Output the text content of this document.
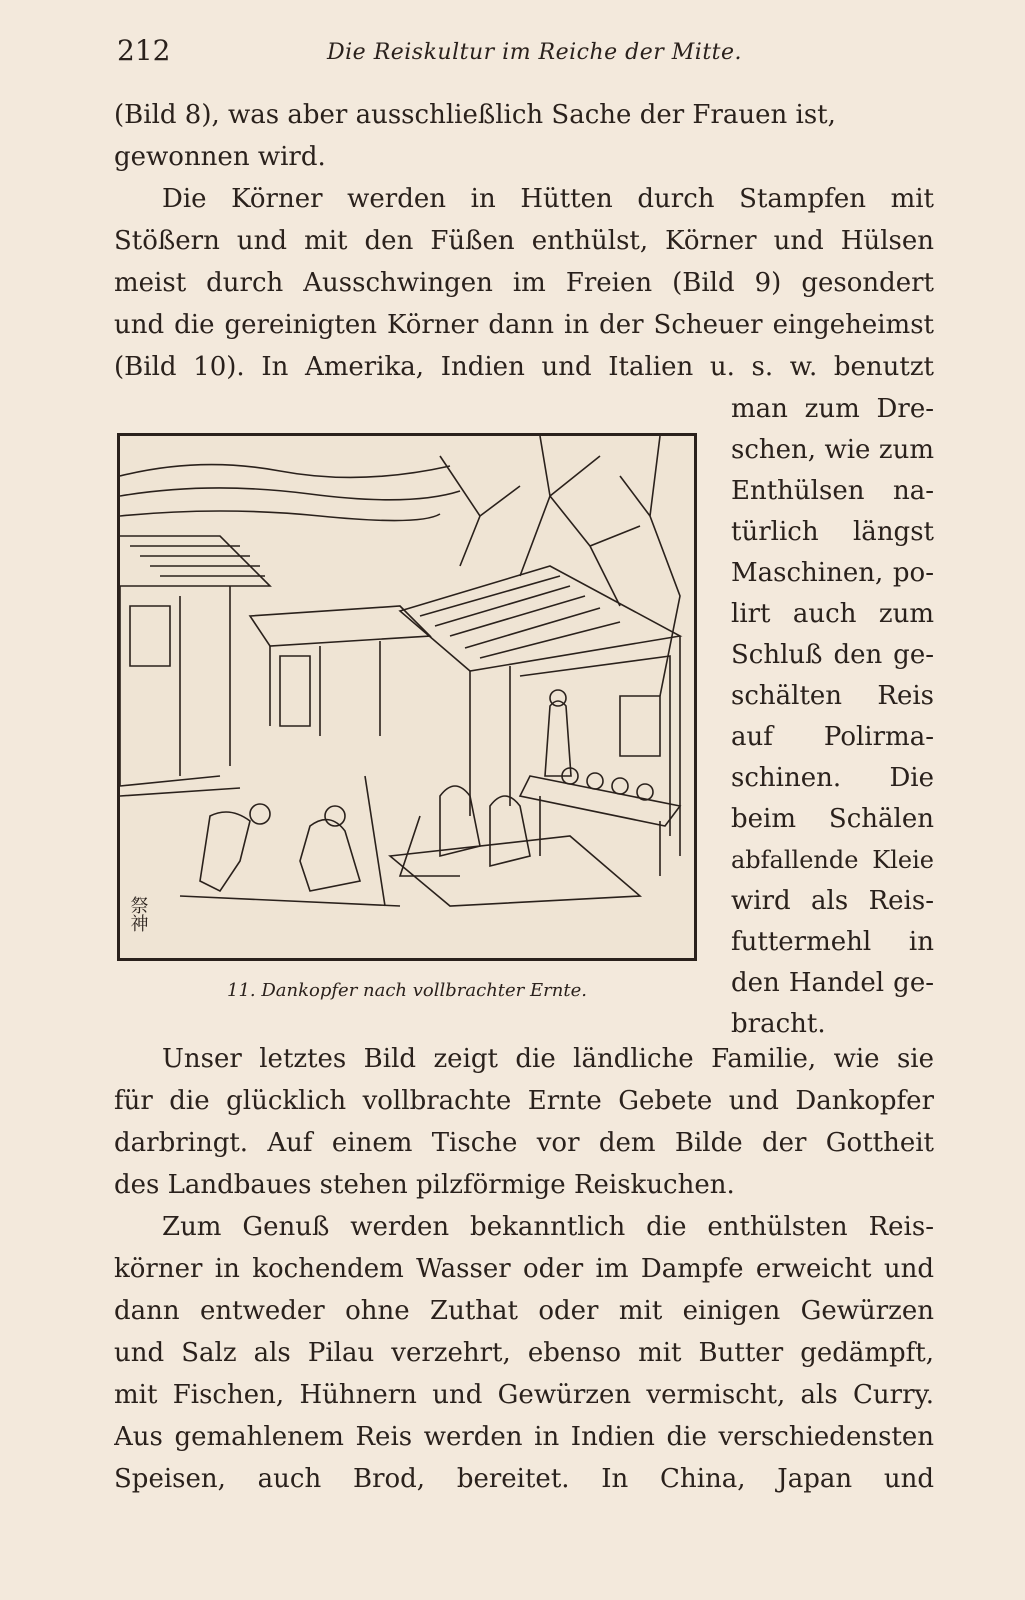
212	Die Reiskultur im Reiche der Mitte.
(Bild 8), was aber ausschließlich Sache der Frauen ist,
gewonnen wird.
Die Körner werden in Hütten durch Stampfen mit
Stößern und mit den Füßen enthülst, Körner und Hülsen
meist durch Ausschwingen im Freien (Bild 9) gesondert
und die gereinigten Körner dann in der Scheuer eingeheimst
(Bild 10). In Amerika, Indien und Italien u. s. w. benutzt
man zum Dre-
schen, wie zum
Enthülsen na-
türlich längst
Maschinen, po-
lirt auch zum
Schluß den ge-
schälten Reis
auf Polirma-
schinen. Die
beim Schälen
abfallende Kleie
wird als Reis-
futtermehl in
den Handel ge-
bracht.
祭神
11. Dankopfer nach vollbrachter Ernte.
Unser letztes Bild zeigt die ländliche Familie, wie sie
für die glücklich vollbrachte Ernte Gebete und Dankopfer
darbringt. Auf einem Tische vor dem Bilde der Gottheit
des Landbaues stehen pilzförmige Reiskuchen.
Zum Genuß werden bekanntlich die enthülsten Reis-
körner in kochendem Wasser oder im Dampfe erweicht und
dann entweder ohne Zuthat oder mit einigen Gewürzen
und Salz als Pilau verzehrt, ebenso mit Butter gedämpft,
mit Fischen, Hühnern und Gewürzen vermischt, als Curry.
Aus gemahlenem Reis werden in Indien die verschiedensten
Speisen, auch Brod, bereitet. In China, Japan und
